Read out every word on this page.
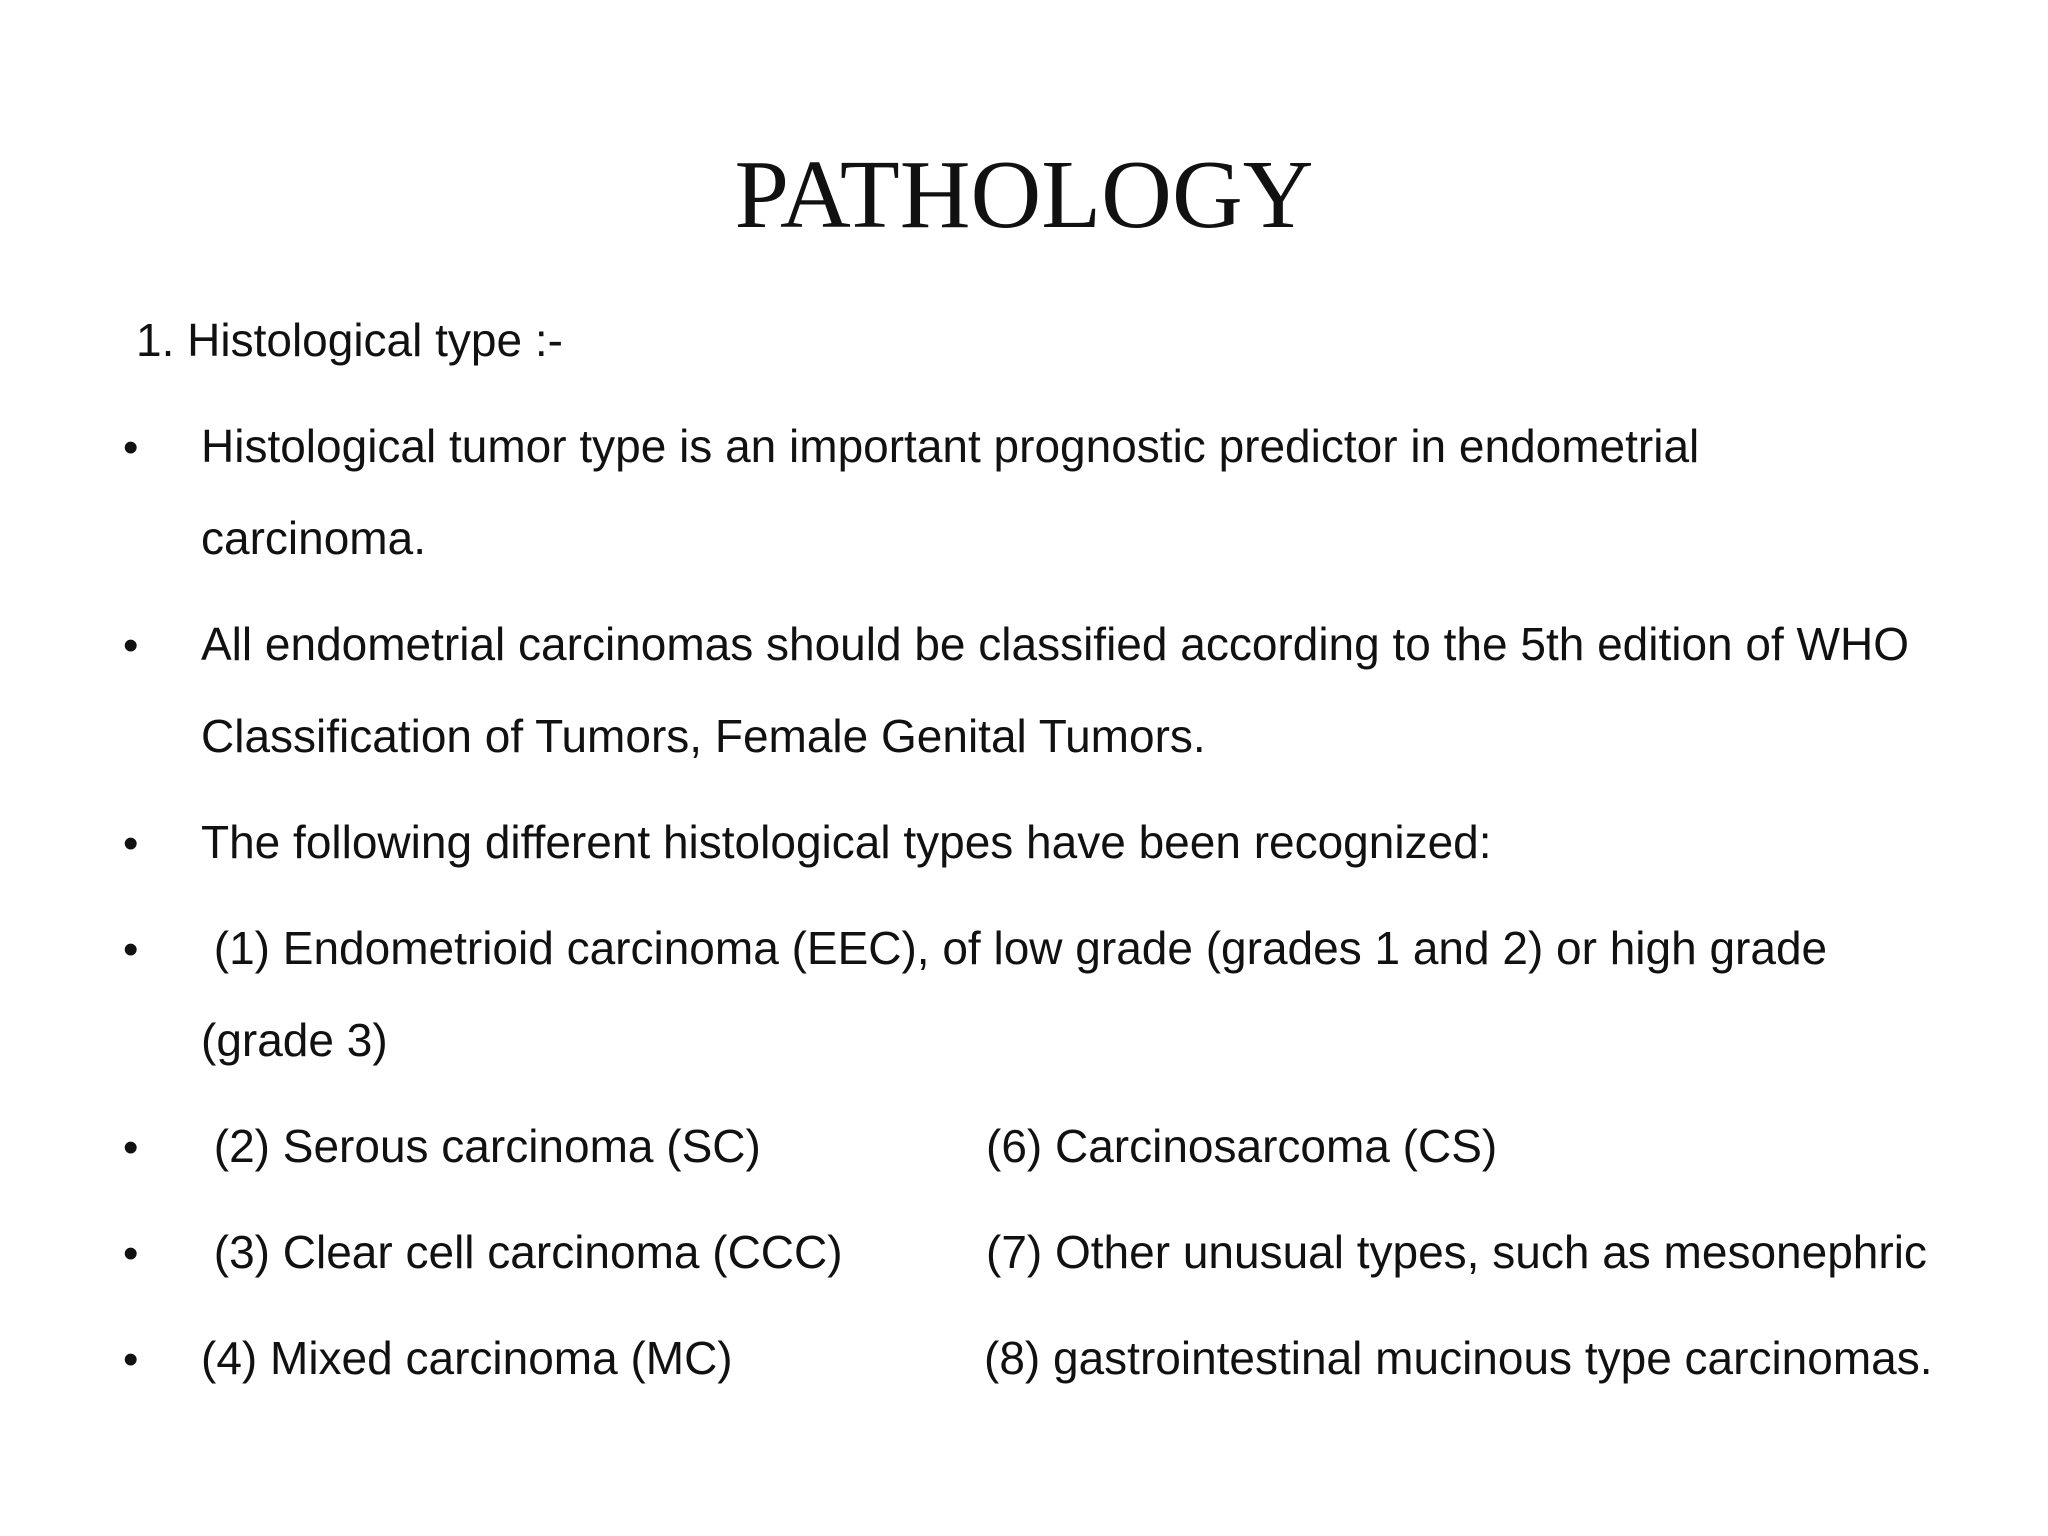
PATHOLOGY
1. Histological type :-
• Histological tumor type is an important prognostic predictor in endometrial
carcinoma.
• All endometrial carcinomas should be classified according to the 5th edition of WHO
Classification of Tumors, Female Genital Tumors.
• The following different histological types have been recognized:
• (1) Endometrioid carcinoma (EEC), of low grade (grades 1 and 2) or high grade
(grade 3)
• (2) Serous carcinoma (SC)	(6) Carcinosarcoma (CS)
• (3) Clear cell carcinoma (CCC)	(7) Other unusual types, such as mesonephric
• (4) Mixed carcinoma (MC)	(8) gastrointestinal mucinous type carcinomas.
